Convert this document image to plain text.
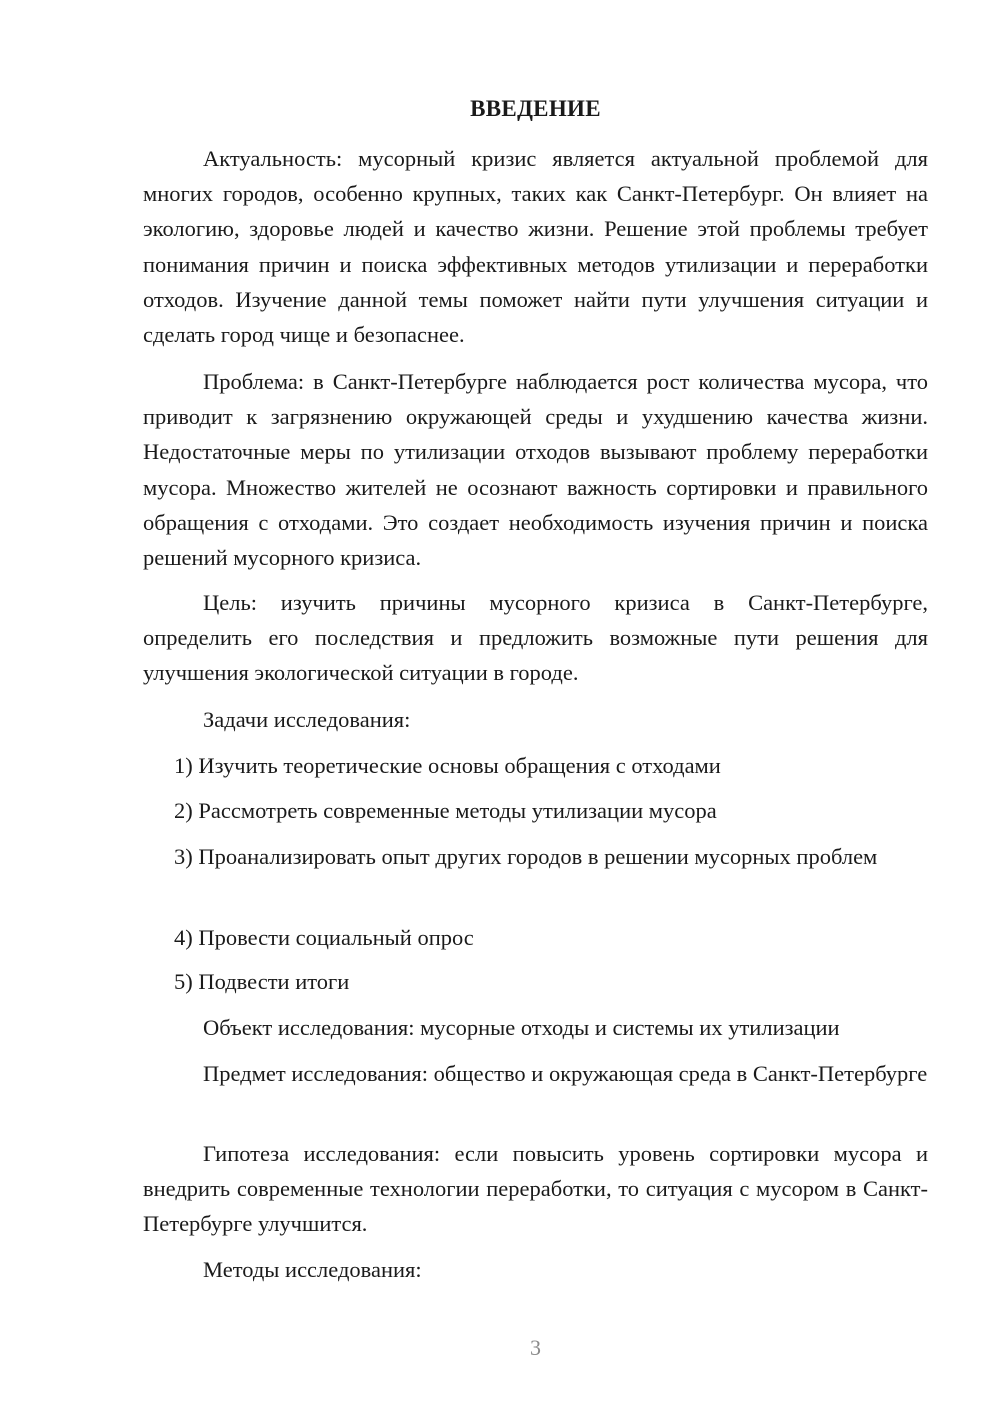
ВВЕДЕНИЕ

Актуальность: мусорный кризис является актуальной проблемой для многих городов, особенно крупных, таких как Санкт-Петербург. Он влияет на экологию, здоровье людей и качество жизни. Решение этой проблемы требует понимания причин и поиска эффективных методов утилизации и переработки отходов. Изучение данной темы поможет найти пути улучшения ситуации и сделать город чище и безопаснее.

Проблема: в Санкт-Петербурге наблюдается рост количества мусора, что приводит к загрязнению окружающей среды и ухудшению качества жизни. Недостаточные меры по утилизации отходов вызывают проблему переработки мусора. Множество жителей не осознают важность сортировки и правильного обращения с отходами. Это создает необходимость изучения причин и поиска решений мусорного кризиса.

Цель: изучить причины мусорного кризиса в Санкт-Петербурге, определить его последствия и предложить возможные пути решения для улучшения экологической ситуации в городе.

Задачи исследования:

1) Изучить теоретические основы обращения с отходами

2) Рассмотреть современные методы утилизации мусора

3) Проанализировать опыт других городов в решении мусорных проблем

4) Провести социальный опрос

5) Подвести итоги

Объект исследования: мусорные отходы и системы их утилизации

Предмет исследования: общество и окружающая среда в Санкт-Петербурге

Гипотеза исследования: если повысить уровень сортировки мусора и внедрить современные технологии переработки, то ситуация с мусором в Санкт-Петербурге улучшится.

Методы исследования:

3
